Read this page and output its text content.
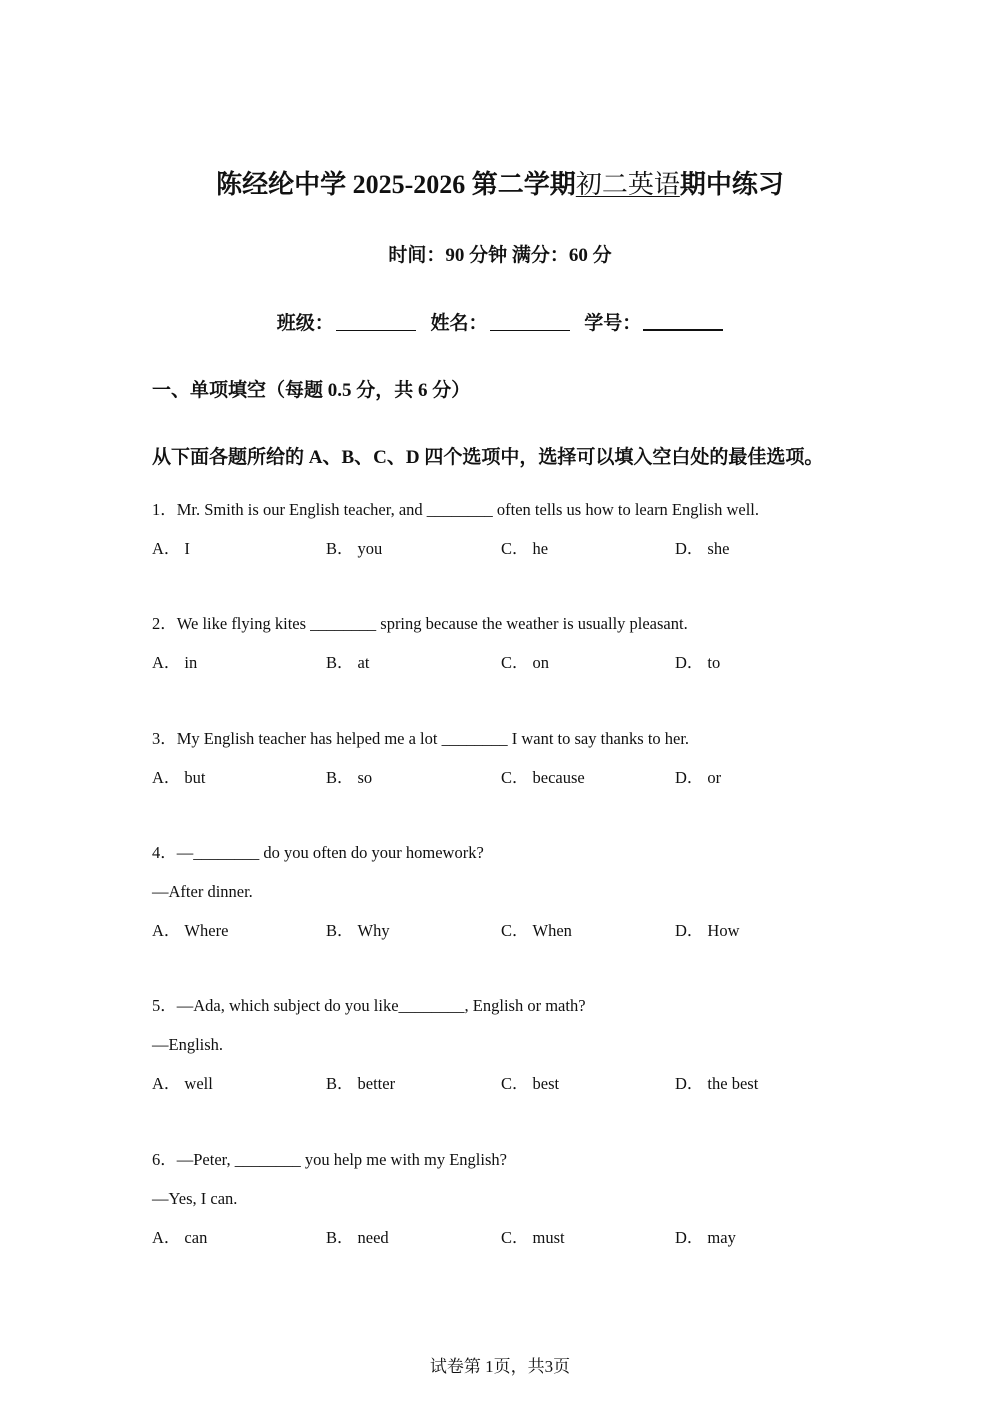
陈经纶中学 2025-2026 第二学期初二英语期中练习
时间：90 分钟 满分：60 分
班级：	姓名：	学号：
一、单项填空（每题 0.5 分，共 6 分）
从下面各题所给的 A、B、C、D 四个选项中，选择可以填入空白处的最佳选项。
1．Mr. Smith is our English teacher, and ________ often tells us how to learn English well.
A． I	B． you	C． he	D． she
2．We like flying kites ________ spring because the weather is usually pleasant.
A． in	B． at	C． on	D． to
3．My English teacher has helped me a lot ________ I want to say thanks to her.
A． but	B． so	C． because	D． or
4．—________ do you often do your homework?
—After dinner.
A． Where	B． Why	C． When	D． How
5．—Ada, which subject do you like________, English or math?
—English.
A． well	B． better	C． best	D． the best
6．—Peter, ________ you help me with my English?
—Yes, I can.
A． can	B． need	C． must	D． may
试卷第 1页，共3页
